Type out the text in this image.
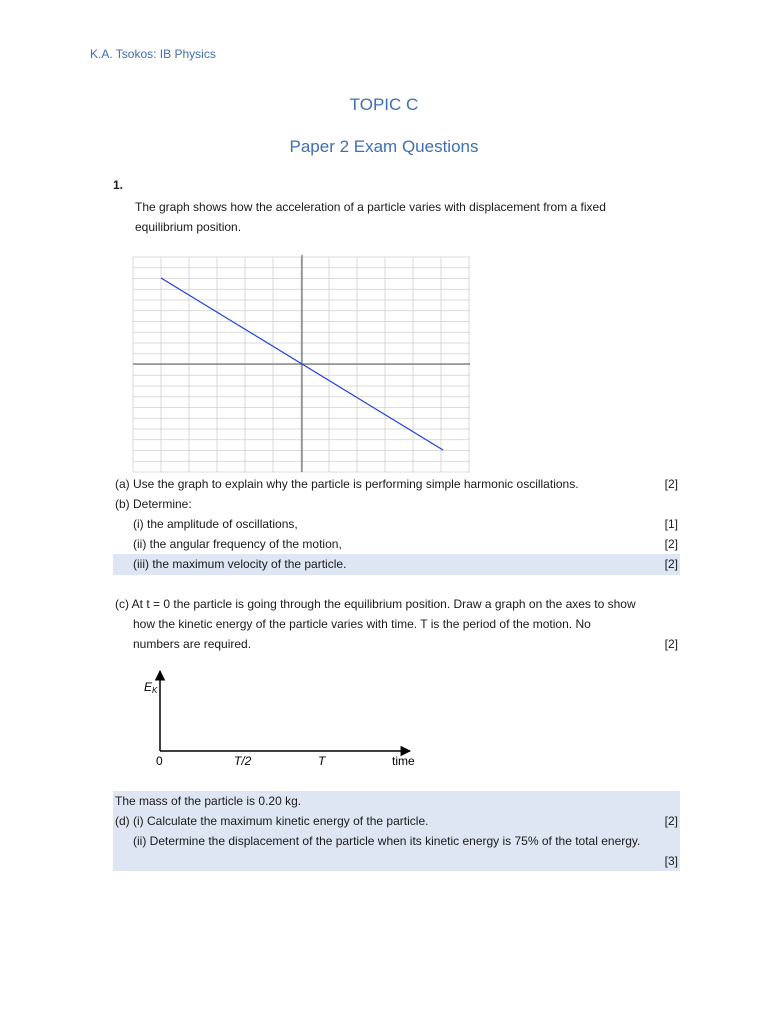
K.A. Tsokos: IB Physics
TOPIC C
Paper 2 Exam Questions
1.
The graph shows how the acceleration of a particle varies with displacement from a fixed equilibrium position.
(a) Use the graph to explain why the particle is performing simple harmonic oscillations.	[2]
(b) Determine:
(i) the amplitude of oscillations,	[1]
(ii) the angular frequency of the motion,	[2]
(iii) the maximum velocity of the particle.	[2]
(c) At t = 0 the particle is going through the equilibrium position. Draw a graph on the axes to show
how the kinetic energy of the particle varies with time. T is the period of the motion. No
numbers are required.	[2]
EK
0	T/2	T	time
The mass of the particle is 0.20 kg.
(d) (i) Calculate the maximum kinetic energy of the particle.	[2]
(ii) Determine the displacement of the particle when its kinetic energy is 75% of the total energy.
[3]
